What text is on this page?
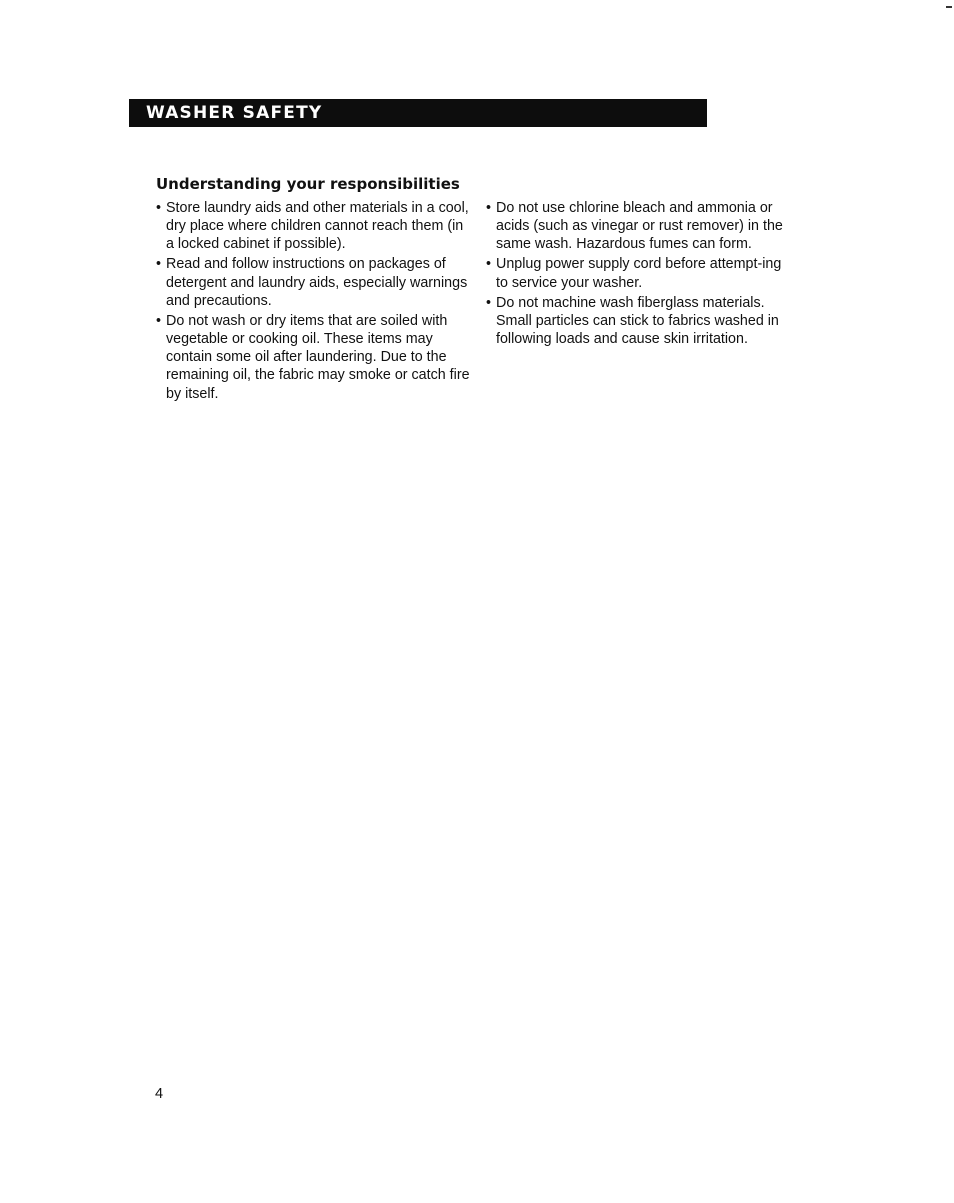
WASHER SAFETY
Understanding your responsibilities
• Store laundry aids and other materials in a cool, dry place where children cannot reach them (in a locked cabinet if possible).
• Read and follow instructions on packages of detergent and laundry aids, especially warnings and precautions.
• Do not wash or dry items that are soiled with vegetable or cooking oil. These items may contain some oil after laundering. Due to the remaining oil, the fabric may smoke or catch fire by itself.
• Do not use chlorine bleach and ammonia or acids (such as vinegar or rust remover) in the same wash. Hazardous fumes can form.
• Unplug power supply cord before attempt-ing to service your washer.
• Do not machine wash fiberglass materials. Small particles can stick to fabrics washed in following loads and cause skin irritation.
4
